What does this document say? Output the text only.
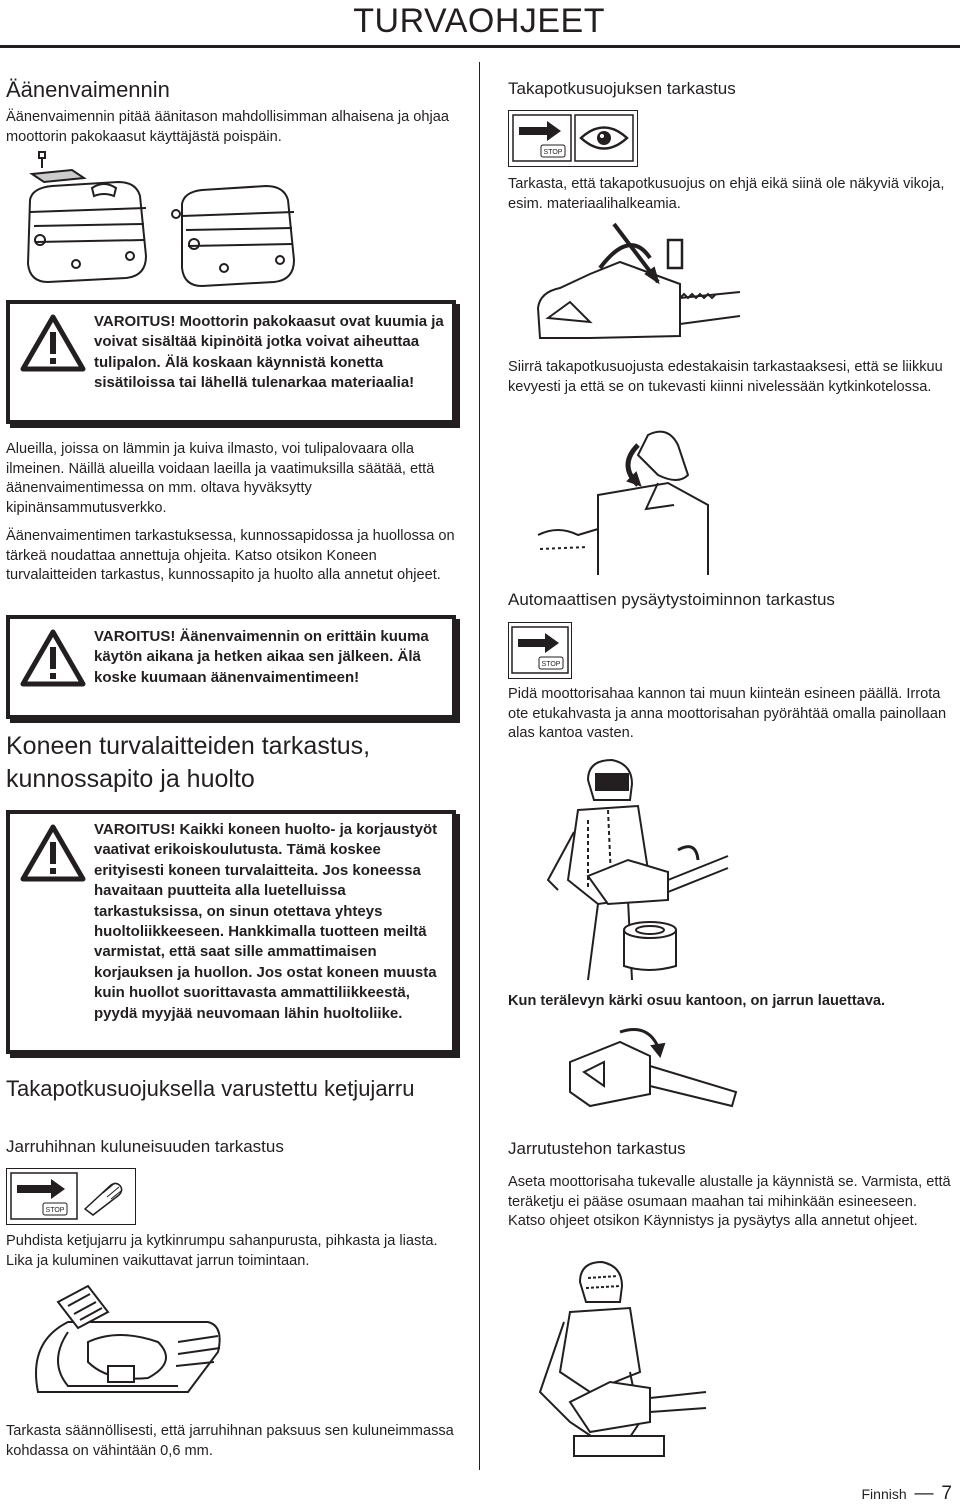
TURVAOHJEET
Äänenvaimennin

Äänenvaimennin pitää äänitason mahdollisimman alhaisena ja ohjaa moottorin pakokaasut käyttäjästä poispäin.

VAROITUS! Moottorin pakokaasut ovat kuumia ja voivat sisältää kipinöitä jotka voivat aiheuttaa tulipalon. Älä koskaan käynnistä konetta sisätiloissa tai lähellä tulenarkaa materiaalia!

Alueilla, joissa on lämmin ja kuiva ilmasto, voi tulipalovaara olla ilmeinen. Näillä alueilla voidaan laeilla ja vaatimuksilla säätää, että äänenvaimentimessa on mm. oltava hyväksytty kipinänsammutusverkko.

Äänenvaimentimen tarkastuksessa, kunnossapidossa ja huollossa on tärkeä noudattaa annettuja ohjeita. Katso otsikon Koneen turvalaitteiden tarkastus, kunnossapito ja huolto alla annetut ohjeet.

VAROITUS! Äänenvaimennin on erittäin kuuma käytön aikana ja hetken aikaa sen jälkeen. Älä koske kuumaan äänenvaimentimeen!
Koneen turvalaitteiden tarkastus, kunnossapito ja huolto
VAROITUS! Kaikki koneen huolto- ja korjaustyöt vaativat erikoiskoulutusta. Tämä koskee erityisesti koneen turvalaitteita. Jos koneessa havaitaan puutteita alla luetelluissa tarkastuksissa, on sinun otettava yhteys huoltoliikkeeseen. Hankkimalla tuotteen meiltä varmistat, että saat sille ammattimaisen korjauksen ja huollon. Jos ostat koneen muusta kuin huollot suorittavasta ammattiliikkeestä, pyydä myyjää neuvomaan lähin huoltoliike.
Takapotkusuojuksella varustettu ketjujarru
Jarruhihnan kuluneisuuden tarkastus
STOP

Puhdista ketjujarru ja kytkinrumpu sahanpurusta, pihkasta ja liasta. Lika ja kuluminen vaikuttavat jarrun toimintaan.

Tarkasta säännöllisesti, että jarruhihnan paksuus sen kuluneimmassa kohdassa on vähintään 0,6 mm.

Takapotkusuojuksen tarkastus
STOP

Tarkasta, että takapotkusuojus on ehjä eikä siinä ole näkyviä vikoja, esim. materiaalihalkeamia.

Siirrä takapotkusuojusta edestakaisin tarkastaaksesi, että se liikkuu kevyesti ja että se on tukevasti kiinni nivelessään kytkinkotelossa.

Automaattisen pysäytystoiminnon tarkastus
STOP

Pidä moottorisahaa kannon tai muun kiinteän esineen päällä. Irrota ote etukahvasta ja anna moottorisahan pyörähtää omalla painollaan alas kantoa vasten.

Kun terälevyn kärki osuu kantoon, on jarrun lauettava.

Jarrutustehon tarkastus

Aseta moottorisaha tukevalle alustalle ja käynnistä se. Varmista, että teräketju ei pääse osumaan maahan tai mihinkään esineeseen. Katso ohjeet otsikon Käynnistys ja pysäytys alla annetut ohjeet.

Finnish — 7
